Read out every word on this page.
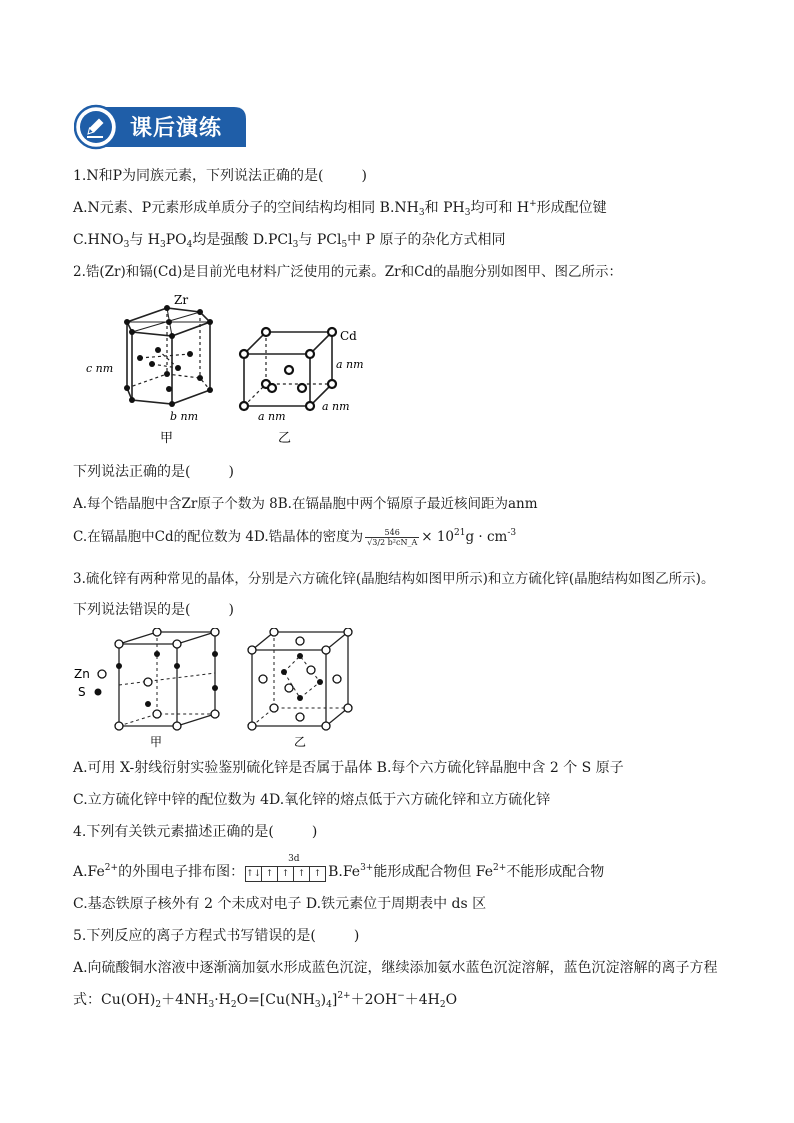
课后演练
1.N和P为同族元素，下列说法正确的是(	)
A.N元素、P元素形成单质分子的空间结构均相同 $B.NH_3$和 $PH_3$均可和 H+形成配位键
$C.HNO_3$与 $H_3PO_4$均是强酸 D.PCl$_3$与 PCl$_5$中 P 原子的杂化方式相同
2.锆(Zr)和镉(Cd)是目前光电材料广泛使用的元素。Zr和Cd的晶胞分别如图甲、图乙所示：
Zr
c nm
b nm
甲
Cd
a nm
a nm
a nm
乙
下列说法正确的是(	)
A.每个锆晶胞中含Zr原子个数为 8B.在镉晶胞中两个镉原子最近核间距为anm
C.在镉晶胞中Cd的配位数为 4D.锆晶体的密度为 $\frac{546}{\text{√3/2 b²cN\_A}} \times 10^{21}g \cdot cm^{-3}$
3.硫化锌有两种常见的晶体，分别是六方硫化锌(晶胞结构如图甲所示)和立方硫化锌(晶胞结构如图乙所示)。
下列说法错误的是(	)
Zn
S
甲	乙
A.可用 X-射线衍射实验鉴别硫化锌是否属于晶体 B.每个六方硫化锌晶胞中含 2 个 S 原子
C.立方硫化锌中锌的配位数为 4D.氧化锌的熔点低于六方硫化锌和立方硫化锌
4.下列有关铁元素描述正确的是(	)
$A.Fe^{2+}$的外围电子排布图：
3d
↑↓ ↑ ↑ ↑ ↑ $B.Fe^{3+}$能形成配合物但 $Fe^{2+}$不能形成配合物
C.基态铁原子核外有 2 个未成对电子 D.铁元素位于周期表中 ds 区
5.下列反应的离子方程式书写错误的是(	)
A.向硫酸铜水溶液中逐渐滴加氨水形成蓝色沉淀，继续添加氨水蓝色沉淀溶解，蓝色沉淀溶解的离子方程
式：$Cu(OH)_2+4NH_3\cdot H_2O=[Cu(NH_3)_4]^{2+}+2OH^-+4H_2O$
